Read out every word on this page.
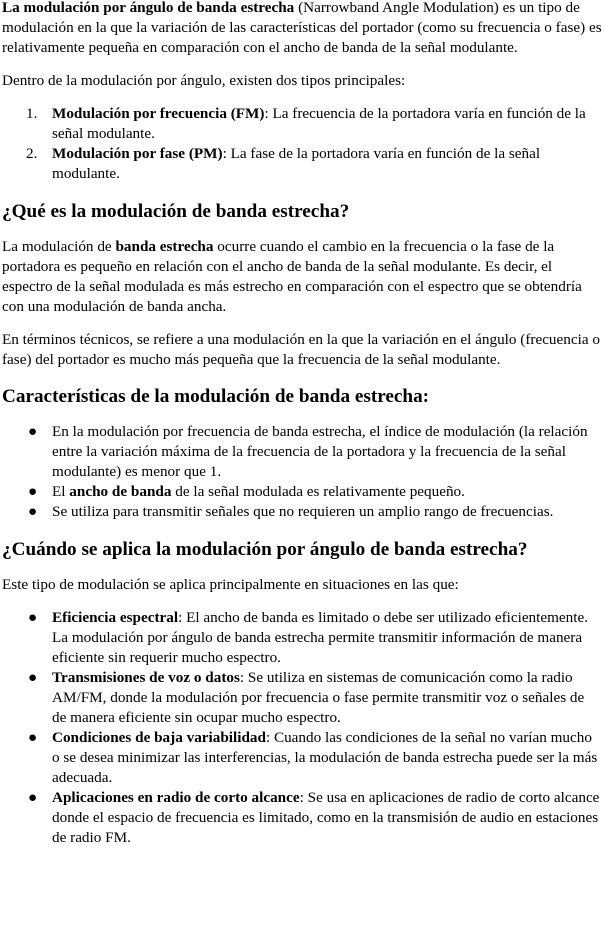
La modulación por ángulo de banda estrecha (Narrowband Angle Modulation) es un tipo de modulación en la que la variación de las características del portador (como su frecuencia o fase) es relativamente pequeña en comparación con el ancho de banda de la señal modulante.

Dentro de la modulación por ángulo, existen dos tipos principales:

1. Modulación por frecuencia (FM): La frecuencia de la portadora varía en función de la señal modulante.
2. Modulación por fase (PM): La fase de la portadora varía en función de la señal modulante.
¿Qué es la modulación de banda estrecha?

La modulación de banda estrecha ocurre cuando el cambio en la frecuencia o la fase de la portadora es pequeño en relación con el ancho de banda de la señal modulante. Es decir, el espectro de la señal modulada es más estrecho en comparación con el espectro que se obtendría con una modulación de banda ancha.

En términos técnicos, se refiere a una modulación en la que la variación en el ángulo (frecuencia o fase) del portador es mucho más pequeña que la frecuencia de la señal modulante.

Características de la modulación de banda estrecha:
● En la modulación por frecuencia de banda estrecha, el índice de modulación (la relación entre la variación máxima de la frecuencia de la portadora y la frecuencia de la señal modulante) es menor que 1.
● El ancho de banda de la señal modulada es relativamente pequeño.
● Se utiliza para transmitir señales que no requieren un amplio rango de frecuencias.
¿Cuándo se aplica la modulación por ángulo de banda estrecha?

Este tipo de modulación se aplica principalmente en situaciones en las que:

● Eficiencia espectral: El ancho de banda es limitado o debe ser utilizado eficientemente. La modulación por ángulo de banda estrecha permite transmitir información de manera eficiente sin requerir mucho espectro.
● Transmisiones de voz o datos: Se utiliza en sistemas de comunicación como la radio AM/FM, donde la modulación por frecuencia o fase permite transmitir voz o señales de de manera eficiente sin ocupar mucho espectro.
● Condiciones de baja variabilidad: Cuando las condiciones de la señal no varían mucho o se desea minimizar las interferencias, la modulación de banda estrecha puede ser la más adecuada.
● Aplicaciones en radio de corto alcance: Se usa en aplicaciones de radio de corto alcance donde el espacio de frecuencia es limitado, como en la transmisión de audio en estaciones de radio FM.
